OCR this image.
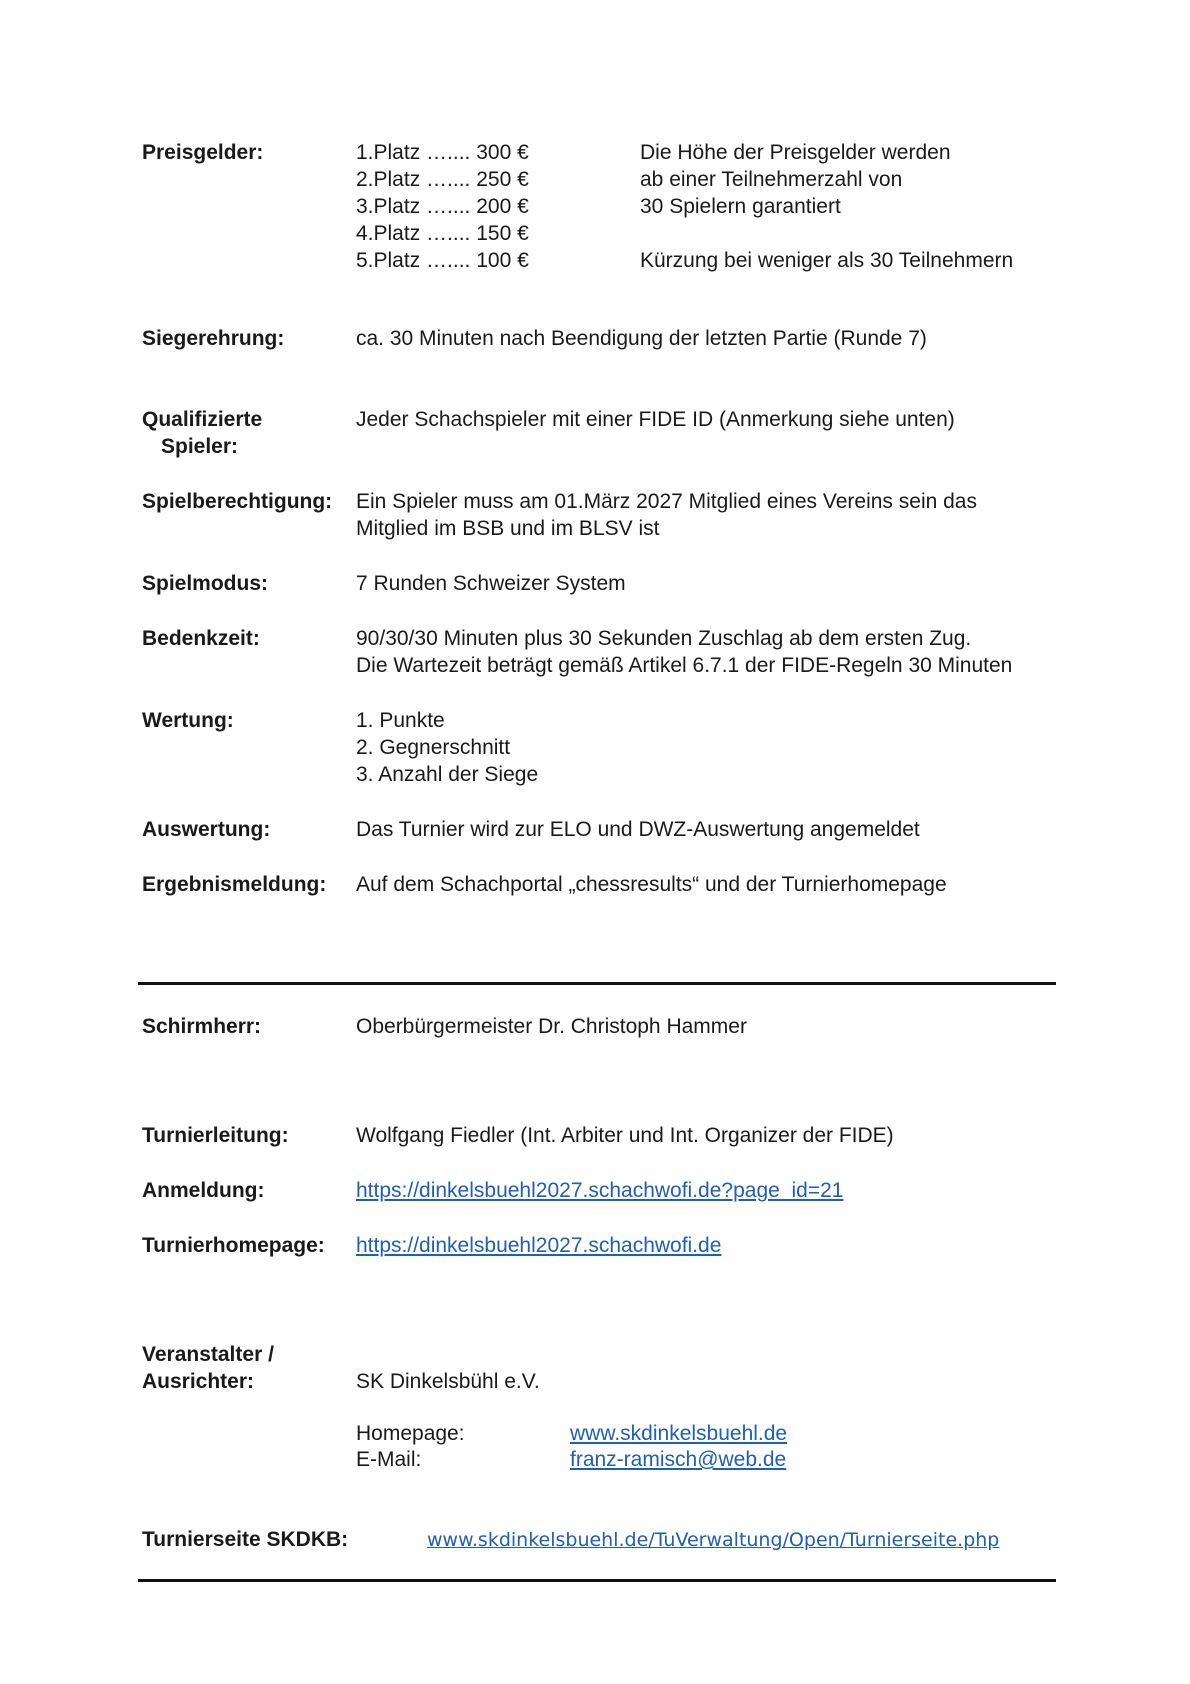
Preisgelder:	1.Platz ….... 300 €
2.Platz ….... 250 €
3.Platz ….... 200 €
4.Platz ….... 150 €
5.Platz ….... 100 €
Die Höhe der Preisgelder werden
ab einer Teilnehmerzahl von
30 Spielern garantiert
Kürzung bei weniger als 30 Teilnehmern
Siegerehrung:	ca. 30 Minuten nach Beendigung der letzten Partie (Runde 7)
Qualifizierte
Spieler:
Jeder Schachspieler mit einer FIDE ID (Anmerkung siehe unten)
Spielberechtigung: Ein Spieler muss am 01.März 2027 Mitglied eines Vereins sein das
Mitglied im BSB und im BLSV ist
Spielmodus:	7 Runden Schweizer System
Bedenkzeit:	90/30/30 Minuten plus 30 Sekunden Zuschlag ab dem ersten Zug.
Die Wartezeit beträgt gemäß Artikel 6.7.1 der FIDE-Regeln 30 Minuten
Wertung:	1. Punkte
2. Gegnerschnitt
3. Anzahl der Siege
Auswertung:	Das Turnier wird zur ELO und DWZ-Auswertung angemeldet
Ergebnismeldung: Auf dem Schachportal „chessresults“ und der Turnierhomepage
Schirmherr:	Oberbürgermeister Dr. Christoph Hammer
Turnierleitung:	Wolfgang Fiedler (Int. Arbiter und Int. Organizer der FIDE)
Anmeldung:	https://dinkelsbuehl2027.schachwofi.de?page_id=21
Turnierhomepage: https://dinkelsbuehl2027.schachwofi.de
Veranstalter /
Ausrichter:	SK Dinkelsbühl e.V.
Homepage:	www.skdinkelsbuehl.de
E-Mail:	franz-ramisch@web.de
Turnierseite SKDKB:	www.skdinkelsbuehl.de/TuVerwaltung/Open/Turnierseite.php
